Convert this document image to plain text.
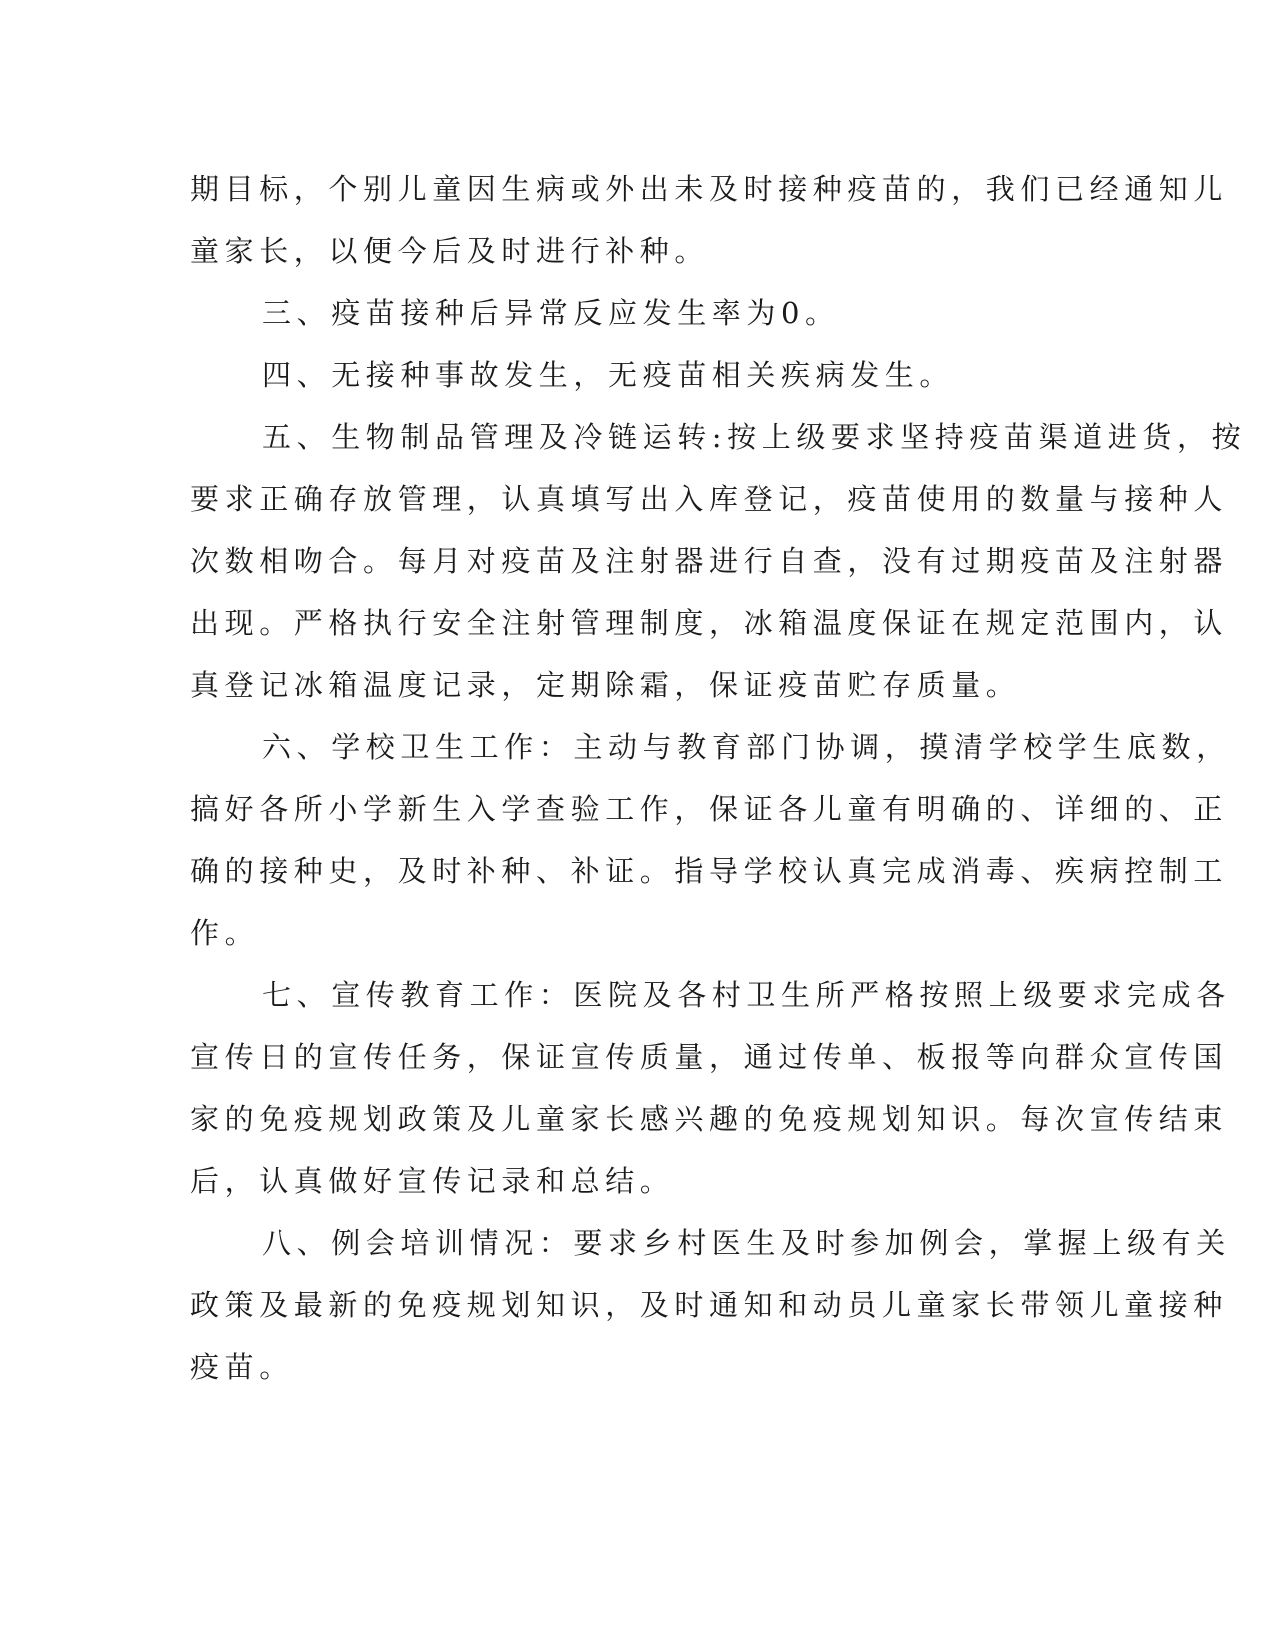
期目标，个别儿童因生病或外出未及时接种疫苗的，我们已经通知儿
童家长，以便今后及时进行补种。

三、疫苗接种后异常反应发生率为0。

四、无接种事故发生，无疫苗相关疾病发生。

五、生物制品管理及冷链运转:按上级要求坚持疫苗渠道进货，按
要求正确存放管理，认真填写出入库登记，疫苗使用的数量与接种人
次数相吻合。每月对疫苗及注射器进行自查，没有过期疫苗及注射器
出现。严格执行安全注射管理制度，冰箱温度保证在规定范围内，认
真登记冰箱温度记录，定期除霜，保证疫苗贮存质量。

六、学校卫生工作：主动与教育部门协调，摸清学校学生底数，
搞好各所小学新生入学查验工作，保证各儿童有明确的、详细的、正
确的接种史，及时补种、补证。指导学校认真完成消毒、疾病控制工
作。

七、宣传教育工作：医院及各村卫生所严格按照上级要求完成各
宣传日的宣传任务，保证宣传质量，通过传单、板报等向群众宣传国
家的免疫规划政策及儿童家长感兴趣的免疫规划知识。每次宣传结束
后，认真做好宣传记录和总结。

八、例会培训情况：要求乡村医生及时参加例会，掌握上级有关
政策及最新的免疫规划知识，及时通知和动员儿童家长带领儿童接种
疫苗。
